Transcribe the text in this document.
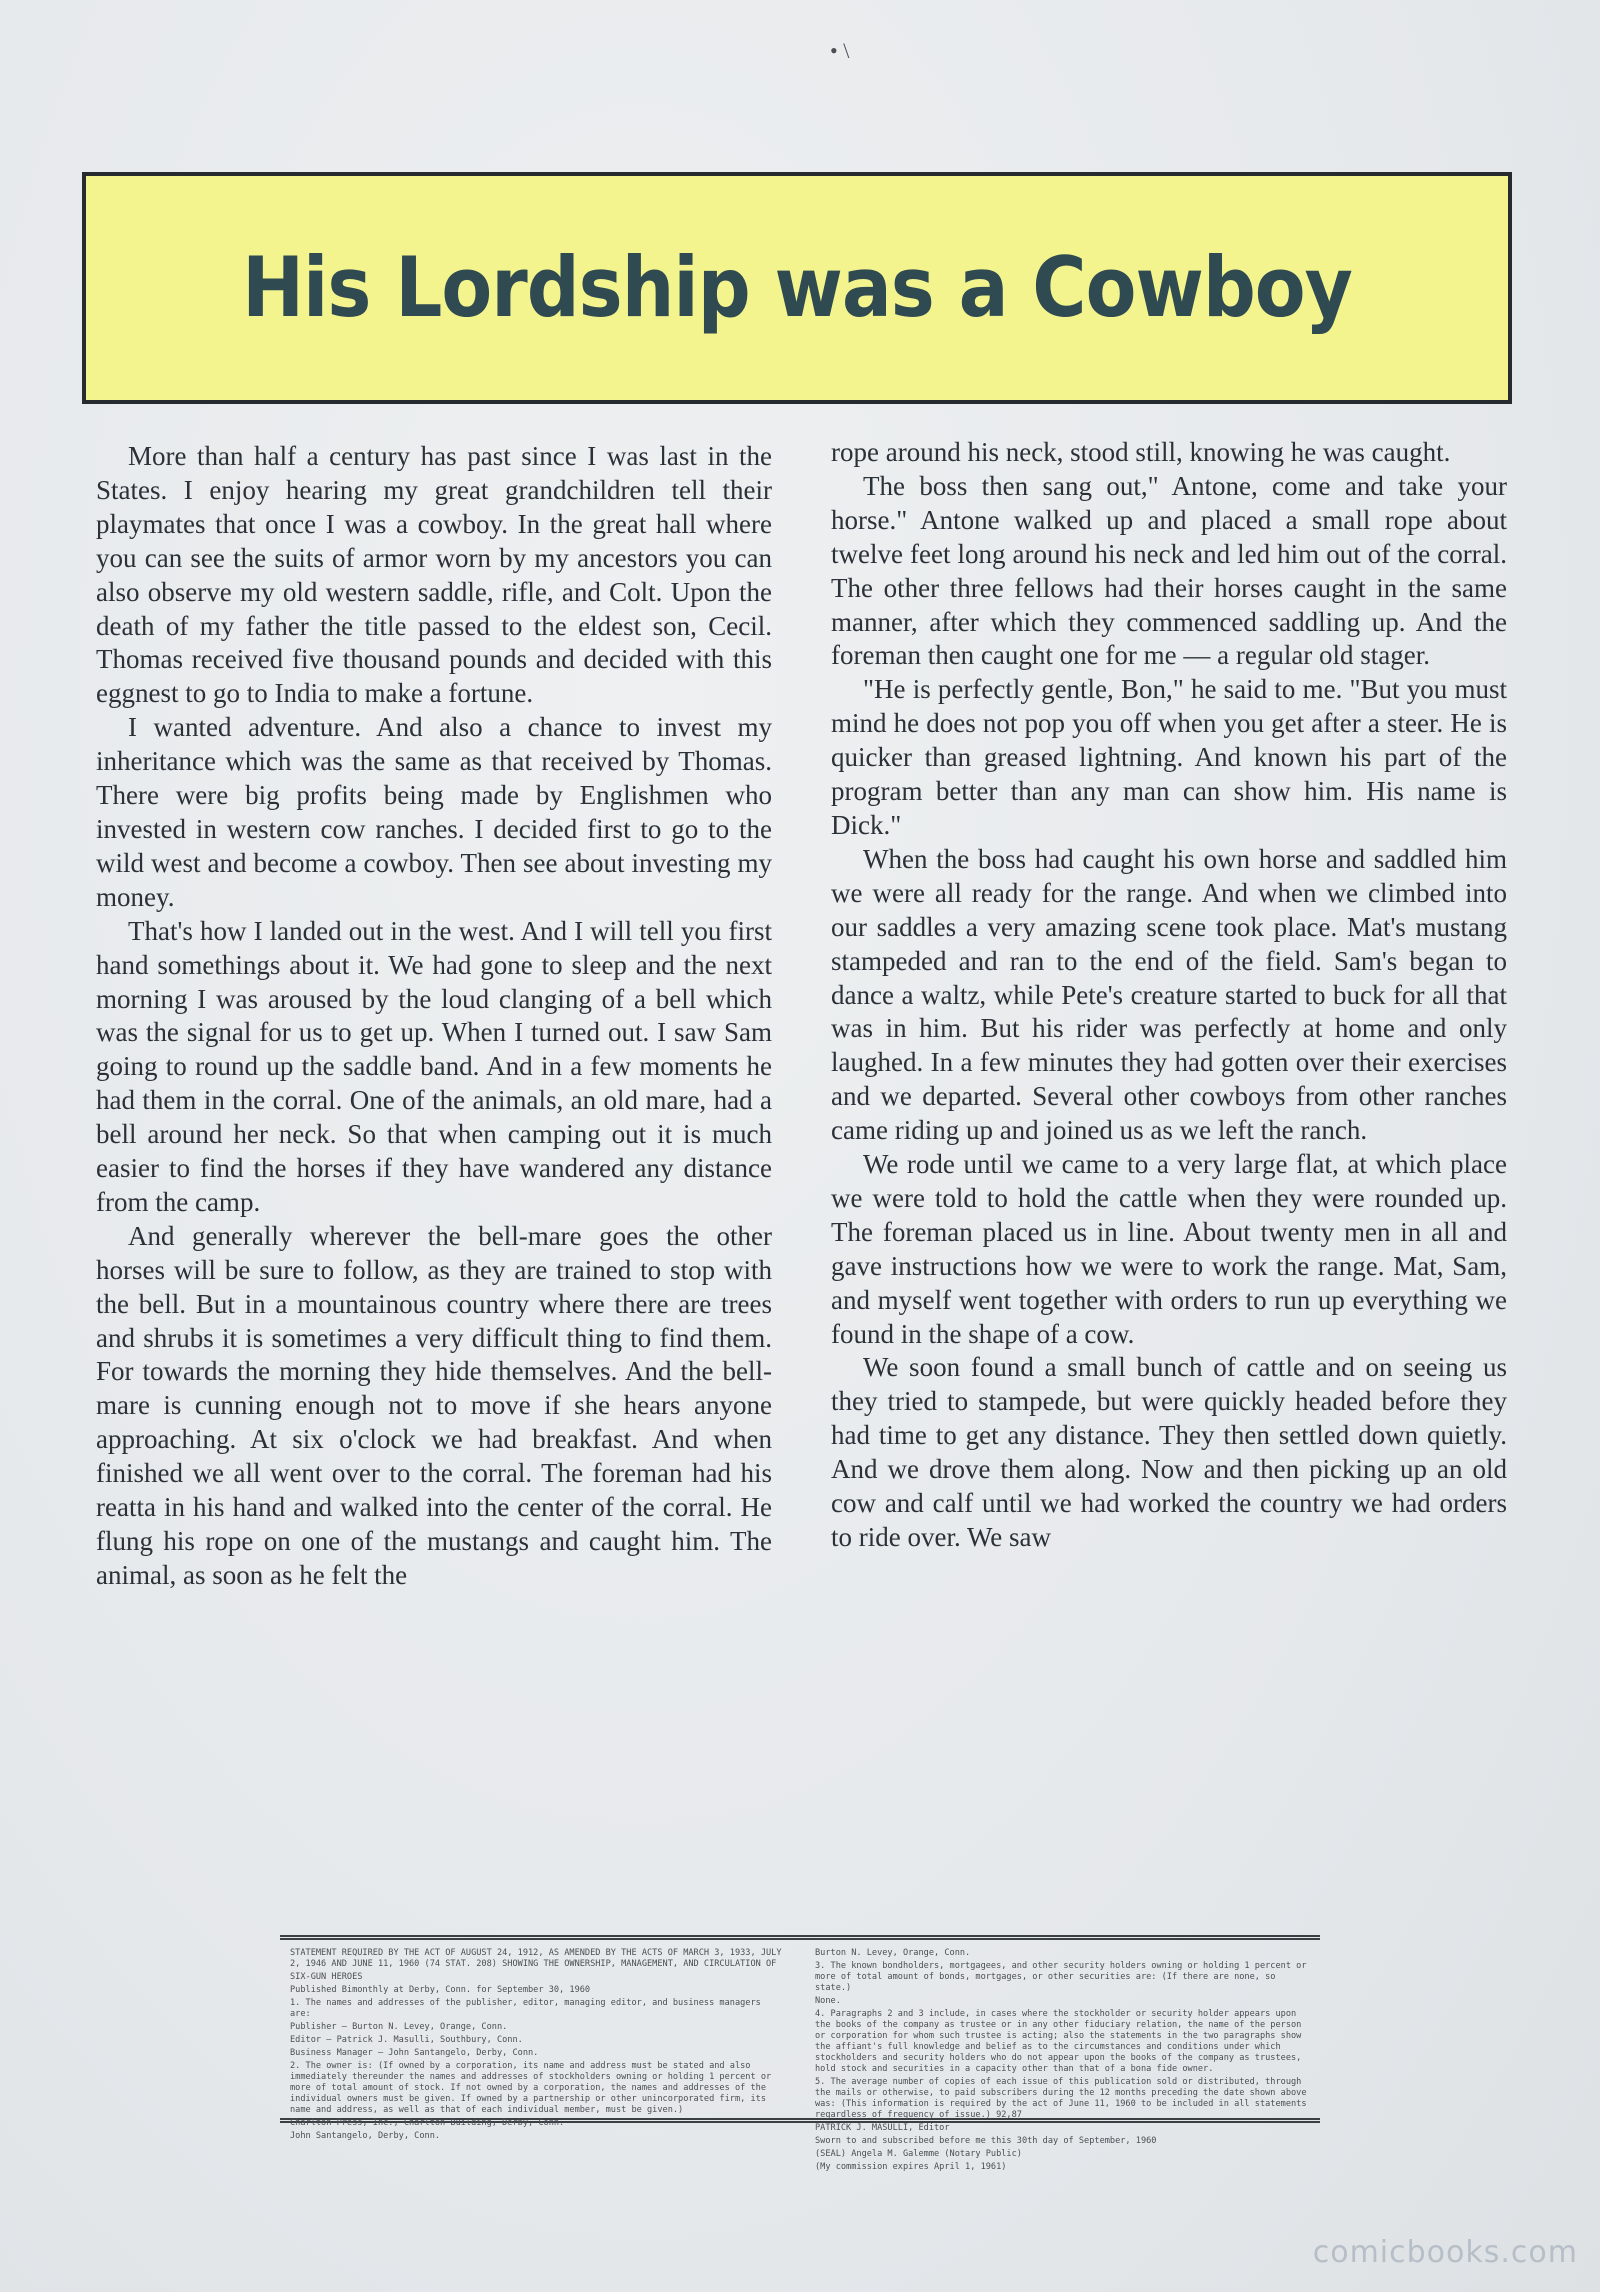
• \
His Lordship was a Cowboy

More than half a century has past since I was last in the States. I enjoy hearing my great grandchildren tell their playmates that once I was a cowboy. In the great hall where you can see the suits of armor worn by my ancestors you can also observe my old western saddle, rifle, and Colt. Upon the death of my father the title passed to the eldest son, Cecil. Thomas received five thousand pounds and decided with this eggnest to go to India to make a fortune.

I wanted adventure. And also a chance to invest my inheritance which was the same as that received by Thomas. There were big profits being made by Englishmen who invested in western cow ranches. I decided first to go to the wild west and become a cowboy. Then see about investing my money.

That's how I landed out in the west. And I will tell you first hand somethings about it. We had gone to sleep and the next morning I was aroused by the loud clanging of a bell which was the signal for us to get up. When I turned out. I saw Sam going to round up the saddle band. And in a few moments he had them in the corral. One of the animals, an old mare, had a bell around her neck. So that when camping out it is much easier to find the horses if they have wandered any distance from the camp.

And generally wherever the bell-mare goes the other horses will be sure to follow, as they are trained to stop with the bell. But in a mountainous country where there are trees and shrubs it is sometimes a very difficult thing to find them. For towards the morning they hide themselves. And the bell-mare is cunning enough not to move if she hears anyone approaching. At six o'clock we had breakfast. And when finished we all went over to the corral. The foreman had his reatta in his hand and walked into the center of the corral. He flung his rope on one of the mustangs and caught him. The animal, as soon as he felt the

rope around his neck, stood still, knowing he was caught.

The boss then sang out," Antone, come and take your horse." Antone walked up and placed a small rope about twelve feet long around his neck and led him out of the corral. The other three fellows had their horses caught in the same manner, after which they commenced saddling up. And the foreman then caught one for me — a regular old stager.

"He is perfectly gentle, Bon," he said to me. "But you must mind he does not pop you off when you get after a steer. He is quicker than greased lightning. And known his part of the program better than any man can show him. His name is Dick."

When the boss had caught his own horse and saddled him we were all ready for the range. And when we climbed into our saddles a very amazing scene took place. Mat's mustang stampeded and ran to the end of the field. Sam's began to dance a waltz, while Pete's creature started to buck for all that was in him. But his rider was perfectly at home and only laughed. In a few minutes they had gotten over their exercises and we departed. Several other cowboys from other ranches came riding up and joined us as we left the ranch.

We rode until we came to a very large flat, at which place we were told to hold the cattle when they were rounded up. The foreman placed us in line. About twenty men in all and gave instructions how we were to work the range. Mat, Sam, and myself went together with orders to run up everything we found in the shape of a cow.

We soon found a small bunch of cattle and on seeing us they tried to stampede, but were quickly headed before they had time to get any distance. They then settled down quietly. And we drove them along. Now and then picking up an old cow and calf until we had worked the country we had orders to ride over. We saw

STATEMENT REQUIRED BY THE ACT OF AUGUST 24, 1912, AS AMENDED BY THE ACTS OF MARCH 3, 1933, JULY 2, 1946 AND JUNE 11, 1960 (74 STAT. 208) SHOWING THE OWNERSHIP, MANAGEMENT, AND CIRCULATION OF

SIX-GUN HEROES

Published Bimonthly at Derby, Conn. for September 30, 1960

1. The names and addresses of the publisher, editor, managing editor, and business managers are:

Publisher — Burton N. Levey, Orange, Conn.

Editor — Patrick J. Masulli, Southbury, Conn.

Business Manager — John Santangelo, Derby, Conn.

2. The owner is: (If owned by a corporation, its name and address must be stated and also immediately thereunder the names and addresses of stockholders owning or holding 1 percent or more of total amount of stock. If not owned by a corporation, the names and addresses of the individual owners must be given. If owned by a partnership or other unincorporated firm, its name and address, as well as that of each individual member, must be given.)

Charlton Press, Inc., Charlton Building, Derby, Conn.

John Santangelo, Derby, Conn.

Burton N. Levey, Orange, Conn.

3. The known bondholders, mortgagees, and other security holders owning or holding 1 percent or more of total amount of bonds, mortgages, or other securities are: (If there are none, so state.)

None.

4. Paragraphs 2 and 3 include, in cases where the stockholder or security holder appears upon the books of the company as trustee or in any other fiduciary relation, the name of the person or corporation for whom such trustee is acting; also the statements in the two paragraphs show the affiant's full knowledge and belief as to the circumstances and conditions under which stockholders and security holders who do not appear upon the books of the company as trustees, hold stock and securities in a capacity other than that of a bona fide owner.

5. The average number of copies of each issue of this publication sold or distributed, through the mails or otherwise, to paid subscribers during the 12 months preceding the date shown above was: (This information is required by the act of June 11, 1960 to be included in all statements regardless of frequency of issue.) 92,87

PATRICK J. MASULLI, Editor

Sworn to and subscribed before me this 30th day of September, 1960

(SEAL) Angela M. Galemme (Notary Public)

(My commission expires April 1, 1961)

comicbooks.com
